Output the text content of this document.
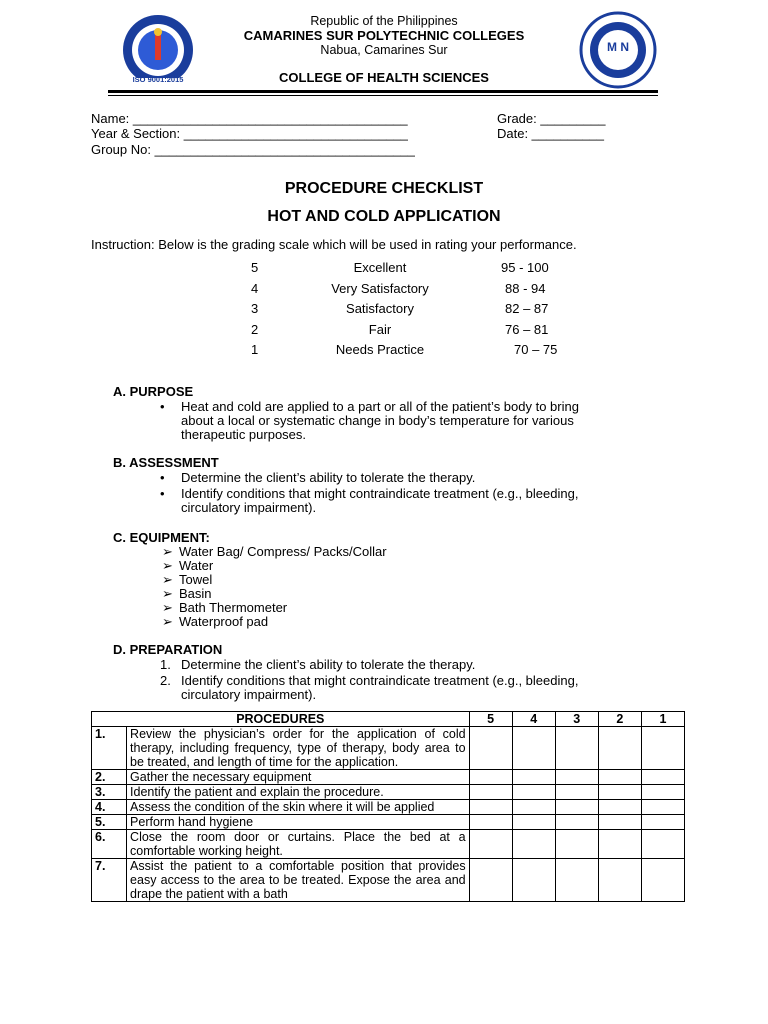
ISO 9001:2015
M N
Republic of the Philippines
CAMARINES SUR POLYTECHNIC COLLEGES
Nabua, Camarines Sur
COLLEGE OF HEALTH SCIENCES
Name: ______________________________________	Grade: _________
Year & Section: _______________________________	Date: __________
Group No: ____________________________________
PROCEDURE CHECKLIST
HOT AND COLD APPLICATION
Instruction: Below is the grading scale which will be used in rating your performance.
5	Excellent	95 - 100
4	Very Satisfactory	88 - 94
3	Satisfactory	82 – 87
2	Fair	76 – 81
1	Needs Practice	70 – 75
A. PURPOSE
• Heat and cold are applied to a part or all of the patient’s body to bring
about a local or systematic change in body’s temperature for various
therapeutic purposes.
B. ASSESSMENT
• Determine the client’s ability to tolerate the therapy.
• Identify conditions that might contraindicate treatment (e.g., bleeding,
circulatory impairment).
C. EQUIPMENT:
➢ Water Bag/ Compress/ Packs/Collar
➢ Water
➢ Towel
➢ Basin
➢ Bath Thermometer
➢ Waterproof pad
D. PREPARATION
1. Determine the client’s ability to tolerate the therapy.
2. Identify conditions that might contraindicate treatment (e.g., bleeding,
circulatory impairment).
PROCEDURES		5	4	3	2	1
1.	Review the physician’s order for the application of cold therapy, including frequency, type of therapy, body area to be treated, and length of time for the application.					
2.	Gather the necessary equipment					
3.	Identify the patient and explain the procedure.					
4.	Assess the condition of the skin where it will be applied					
5.	Perform hand hygiene					
6.	Close the room door or curtains. Place the bed at a comfortable working height.					
7.	Assist the patient to a comfortable position that provides easy access to the area to be treated. Expose the area and drape the patient with a bath					
